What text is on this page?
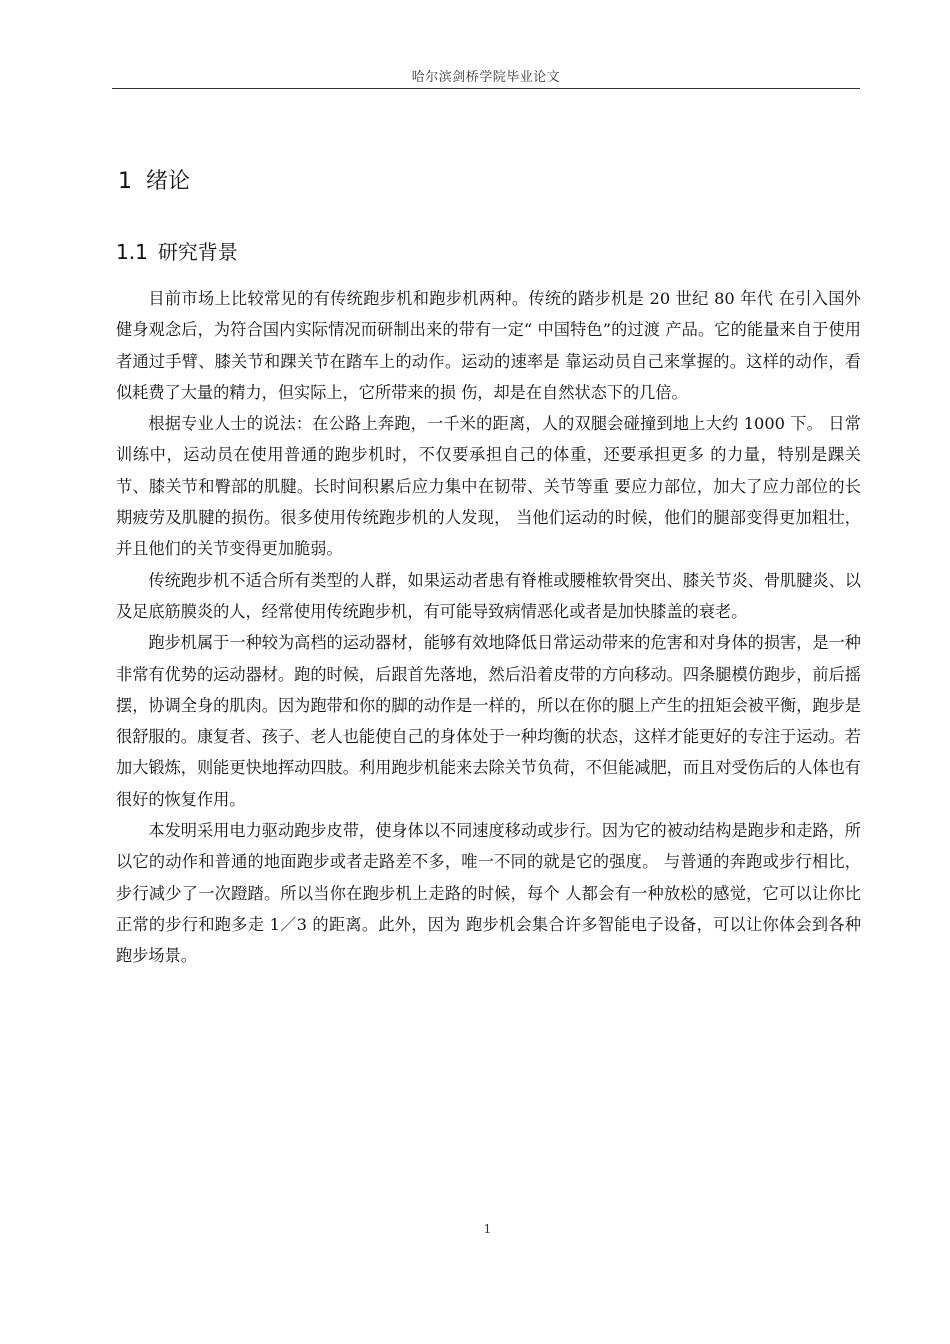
哈尔滨剑桥学院毕业论文
1 绪论
1.1 研究背景

目前市场上比较常见的有传统跑步机和跑步机两种。传统的踏步机是 20 世纪 80 年代 在引入国外健身观念后，为符合国内实际情况而研制出来的带有一定“ 中国特色”的过渡 产品。它的能量来自于使用者通过手臂、膝关节和踝关节在踏车上的动作。运动的速率是 靠运动员自己来掌握的。这样的动作，看似耗费了大量的精力，但实际上，它所带来的损 伤，却是在自然状态下的几倍。

根据专业人士的说法：在公路上奔跑，一千米的距离，人的双腿会碰撞到地上大约 1000 下。 日常训练中，运动员在使用普通的跑步机时，不仅要承担自己的体重，还要承担更多 的力量，特别是踝关节、膝关节和臀部的肌腱。长时间积累后应力集中在韧带、关节等重 要应力部位，加大了应力部位的长期疲劳及肌腱的损伤。很多使用传统跑步机的人发现， 当他们运动的时候，他们的腿部变得更加粗壮，并且他们的关节变得更加脆弱。

传统跑步机不适合所有类型的人群，如果运动者患有脊椎或腰椎软骨突出、膝关节炎、骨肌腱炎、以及足底筋膜炎的人，经常使用传统跑步机，有可能导致病情恶化或者是加快膝盖的衰老。

跑步机属于一种较为高档的运动器材，能够有效地降低日常运动带来的危害和对身体的损害，是一种非常有优势的运动器材。跑的时候，后跟首先落地，然后沿着皮带的方向移动。四条腿模仿跑步，前后摇摆，协调全身的肌肉。因为跑带和你的脚的动作是一样的，所以在你的腿上产生的扭矩会被平衡，跑步是很舒服的。康复者、孩子、老人也能使自己的身体处于一种均衡的状态，这样才能更好的专注于运动。若加大锻炼，则能更快地挥动四肢。利用跑步机能来去除关节负荷，不但能减肥，而且对受伤后的人体也有很好的恢复作用。

本发明采用电力驱动跑步皮带，使身体以不同速度移动或步行。因为它的被动结构是跑步和走路，所以它的动作和普通的地面跑步或者走路差不多，唯一不同的就是它的强度。 与普通的奔跑或步行相比，步行减少了一次蹬踏。所以当你在跑步机上走路的时候，每个 人都会有一种放松的感觉，它可以让你比正常的步行和跑多走 1／3 的距离。此外，因为 跑步机会集合许多智能电子设备，可以让你体会到各种跑步场景。

1
